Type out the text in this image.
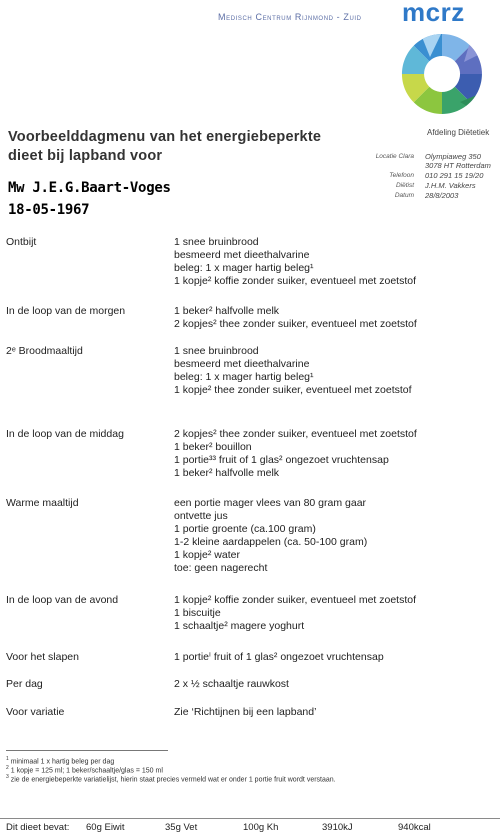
Medisch Centrum Rijnmond - Zuid mcrz
Voorbeelddagmenu van het energiebeperkte
dieet bij lapband voor
Mw J.E.G.Baart-Voges
18-05-1967
Afdeling Diëtetiek
Locatie Clara Olympiaweg 350
3078 HT Rotterdam
Telefoon 010 291 15 19/20
Diëtist J.H.M. Vakkers
Datum 28/8/2003
Ontbijt	1 snee bruinbrood
besmeerd met dieethalvarine
beleg: 1 x mager hartig beleg¹
1 kopje² koffie zonder suiker, eventueel met zoetstof
In de loop van de morgen	1 beker² halfvolle melk
2 kopjes² thee zonder suiker, eventueel met zoetstof
2ᵉ Broodmaaltijd	1 snee bruinbrood
besmeerd met dieethalvarine
beleg: 1 x mager hartig beleg¹
1 kopje² thee zonder suiker, eventueel met zoetstof
In de loop van de middag	2 kopjes² thee zonder suiker, eventueel met zoetstof
1 beker² bouillon
1 portie³³ fruit of 1 glas² ongezoet vruchtensap
1 beker² halfvolle melk
Warme maaltijd	een portie mager vlees van 80 gram gaar
ontvette jus
1 portie groente (ca.100 gram)
1-2 kleine aardappelen (ca. 50-100 gram)
1 kopje² water
toe: geen nagerecht
In de loop van de avond	1 kopje² koffie zonder suiker, eventueel met zoetstof
1 biscuitje
1 schaaltje² magere yoghurt
Voor het slapen	1 portieⁱ fruit of 1 glas² ongezoet vruchtensap
Per dag	2 x ½ schaaltje rauwkost
Voor variatie	Zie ‘Richtijnen bij een lapband’
$^1$ minimaal 1 x hartig beleg per dag
$^2$ 1 kopje = 125 ml; 1 beker/schaaltje/glas = 150 ml
$^3$ zie de energiebeperkte variatielijst, hierin staat precies vermeld wat er onder 1 portie fruit wordt verstaan.
Dit dieet bevat: 60g Eiwit	35g Vet	100g Kh	3910kJ	940kcal
